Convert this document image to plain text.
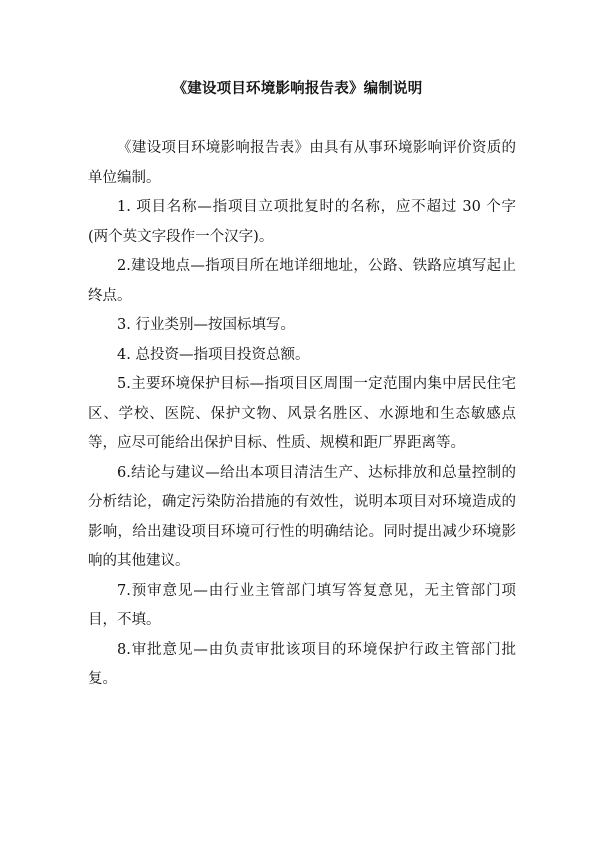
《建设项目环境影响报告表》编制说明

《建设项目环境影响报告表》由具有从事环境影响评价资质的单位编制。

1. 项目名称—指项目立项批复时的名称，应不超过 30 个字(两个英文字段作一个汉字)。

2.建设地点—指项目所在地详细地址，公路、铁路应填写起止终点。

3. 行业类别—按国标填写。

4. 总投资—指项目投资总额。

5.主要环境保护目标—指项目区周围一定范围内集中居民住宅区、学校、医院、保护文物、风景名胜区、水源地和生态敏感点等，应尽可能给出保护目标、性质、规模和距厂界距离等。

6.结论与建议—给出本项目清洁生产、达标排放和总量控制的分析结论，确定污染防治措施的有效性，说明本项目对环境造成的影响，给出建设项目环境可行性的明确结论。同时提出减少环境影响的其他建议。

7.预审意见—由行业主管部门填写答复意见，无主管部门项目，不填。

8.审批意见—由负责审批该项目的环境保护行政主管部门批复。
